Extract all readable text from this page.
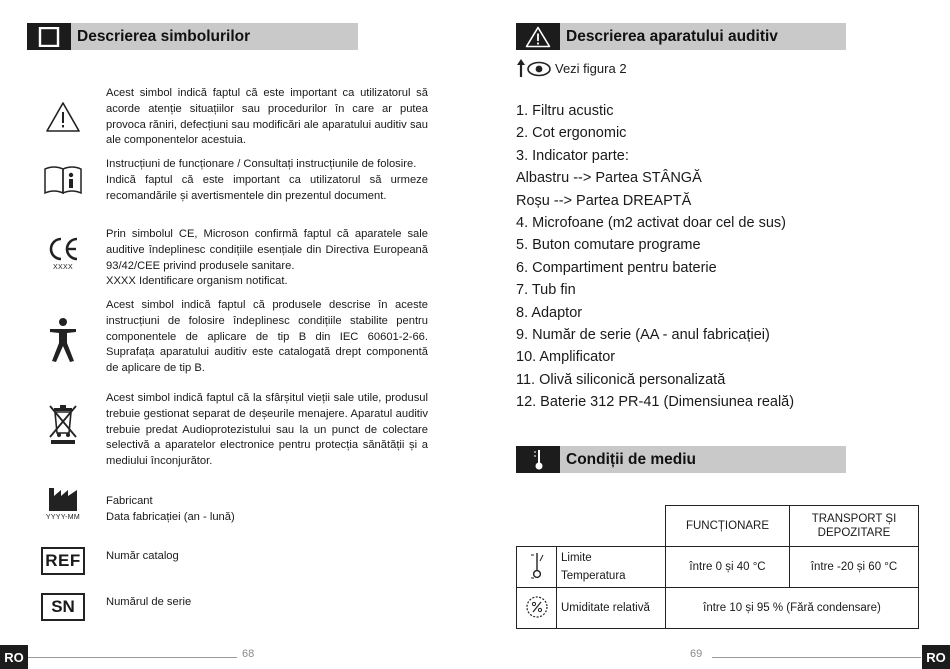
Descrierea simbolurilor

Acest simbol indică faptul că este important ca utilizatorul să acorde atenție situațiilor sau procedurilor în care ar putea provoca răniri, defecțiuni sau modificări ale aparatului auditiv sau ale componentelor acestuia.

Instrucțiuni de funcționare / Consultați instrucțiunile de folosire.

Indică faptul că este important ca utilizatorul să urmeze recomandările și avertismentele din prezentul document.

XXXX

Prin simbolul CE, Microson confirmă faptul că aparatele sale auditive îndeplinesc condițiile esențiale din Directiva Europeană 93/42/CEE privind produsele sanitare.

XXXX Identificare organism notificat.

Acest simbol indică faptul că produsele descrise în aceste instrucțiuni de folosire îndeplinesc condițiile stabilite pentru componentele de aplicare de tip B din IEC 60601-2-66. Suprafața aparatului auditiv este catalogată drept componentă de aplicare de tip B.

Acest simbol indică faptul că la sfârșitul vieții sale utile, produsul trebuie gestionat separat de deșeurile menajere. Aparatul auditiv trebuie predat Audioprotezistului sau la un punct de colectare selectivă a aparatelor electronice pentru protecția sănătății și a mediului înconjurător.

YYYY-MM

Fabricant

Data fabricației (an - lună)

REF	Număr catalog

SN	Numărul de serie

RO	68
Descrierea aparatului auditiv
Vezi figura 2
1. Filtru acustic
2. Cot ergonomic
3. Indicator parte:
Albastru --> Partea STÂNGĂ
Roșu --> Partea DREAPTĂ
4. Microfoane (m2 activat doar cel de sus)
5. Buton comutare programe
6. Compartiment pentru baterie
7. Tub fin
8. Adaptor
9. Număr de serie (AA - anul fabricației)
10. Amplificator
11. Olivă siliconică personalizată
12. Baterie 312 PR-41 (Dimensiunea reală)
Condiții de mediu
		FUNCȚIONARE	TRANSPORT ȘI
DEPOZITARE

Limite
Temperatura	între 0 și 40 °C	între -20 și 60 °C
	Umiditate relativă	între 10 și 95 % (Fără condensare)	
69	RO
